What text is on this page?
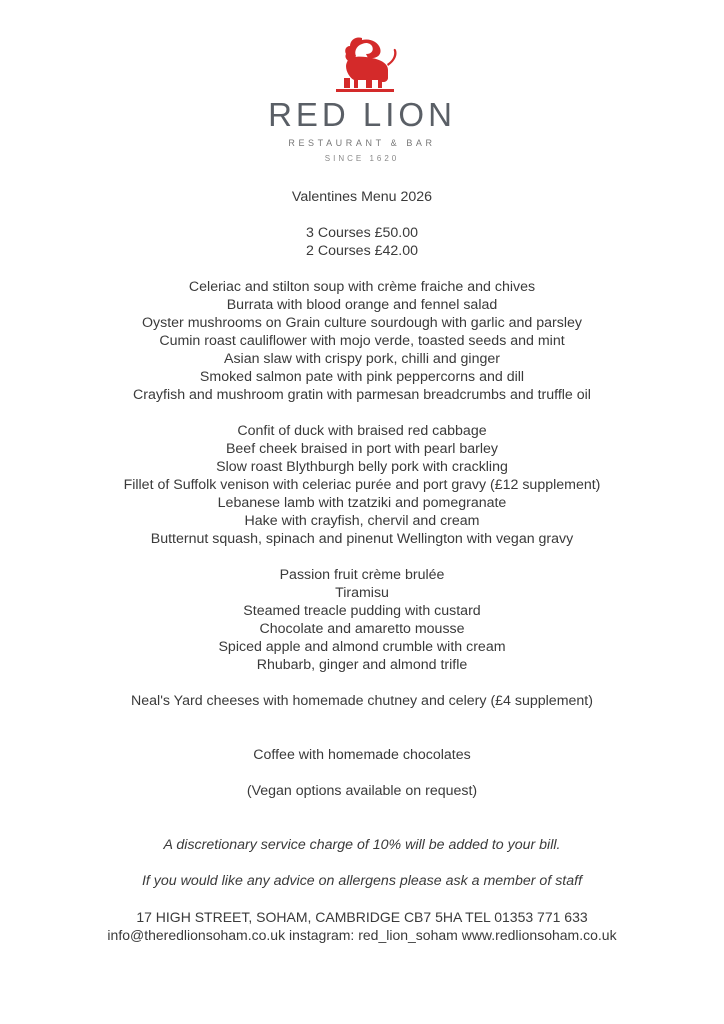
RED LION
RESTAURANT & BAR
SINCE 1620

Valentines Menu 2026

3 Courses £50.00

2 Courses £42.00

Celeriac and stilton soup with crème fraiche and chives

Burrata with blood orange and fennel salad

Oyster mushrooms on Grain culture sourdough with garlic and parsley

Cumin roast cauliflower with mojo verde, toasted seeds and mint

Asian slaw with crispy pork, chilli and ginger

Smoked salmon pate with pink peppercorns and dill

Crayfish and mushroom gratin with parmesan breadcrumbs and truffle oil

Confit of duck with braised red cabbage

Beef cheek braised in port with pearl barley

Slow roast Blythburgh belly pork with crackling

Fillet of Suffolk venison with celeriac purée and port gravy (£12 supplement)

Lebanese lamb with tzatziki and pomegranate

Hake with crayfish, chervil and cream

Butternut squash, spinach and pinenut Wellington with vegan gravy

Passion fruit crème brulée

Tiramisu

Steamed treacle pudding with custard

Chocolate and amaretto mousse

Spiced apple and almond crumble with cream

Rhubarb, ginger and almond trifle

Neal's Yard cheeses with homemade chutney and celery (£4 supplement)

Coffee with homemade chocolates

(Vegan options available on request)

A discretionary service charge of 10% will be added to your bill.

If you would like any advice on allergens please ask a member of staff

17 HIGH STREET, SOHAM, CAMBRIDGE CB7 5HA TEL 01353 771 633

info@theredlionsoham.co.uk instagram: red_lion_soham www.redlionsoham.co.uk
